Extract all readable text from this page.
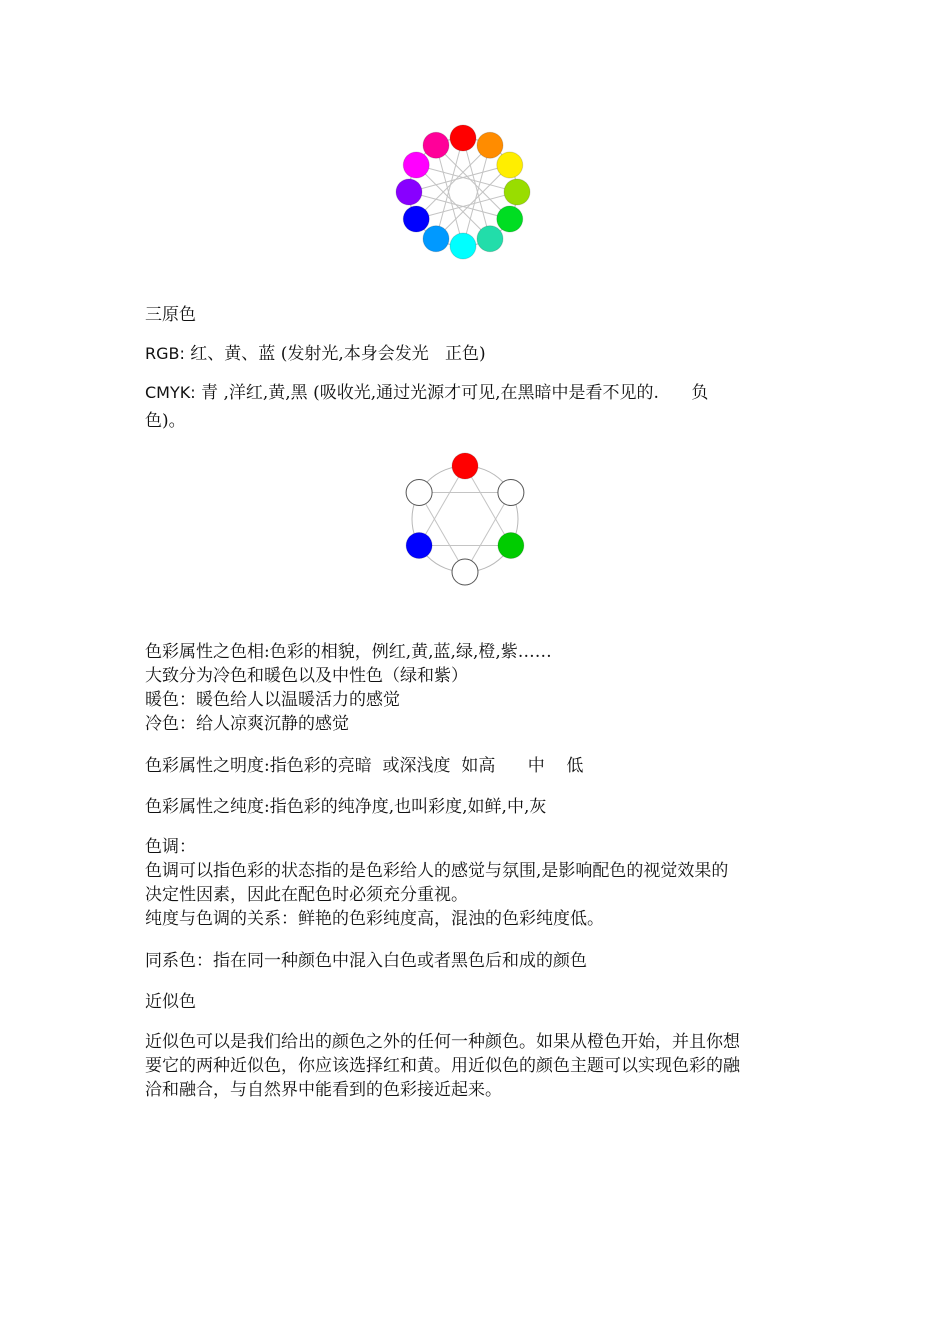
三原色
RGB: 红、黄、蓝 (发射光,本身会发光   正色)
CMYK: 青 ,洋红,黄,黑 (吸收光,通过光源才可见,在黑暗中是看不见的.      负
色)。
色彩属性之色相:色彩的相貌，例红,黄,蓝,绿,橙,紫……
大致分为冷色和暖色以及中性色（绿和紫）
暖色：暖色给人以温暖活力的感觉
冷色：给人凉爽沉静的感觉
色彩属性之明度:指色彩的亮暗  或深浅度  如高      中    低
色彩属性之纯度:指色彩的纯净度,也叫彩度,如鲜,中,灰
色调：
色调可以指色彩的状态指的是色彩给人的感觉与氛围,是影响配色的视觉效果的
决定性因素，因此在配色时必须充分重视。
纯度与色调的关系：鲜艳的色彩纯度高，混浊的色彩纯度低。
同系色：指在同一种颜色中混入白色或者黑色后和成的颜色
近似色
近似色可以是我们给出的颜色之外的任何一种颜色。如果从橙色开始，并且你想
要它的两种近似色，你应该选择红和黄。用近似色的颜色主题可以实现色彩的融
洽和融合，与自然界中能看到的色彩接近起来。
